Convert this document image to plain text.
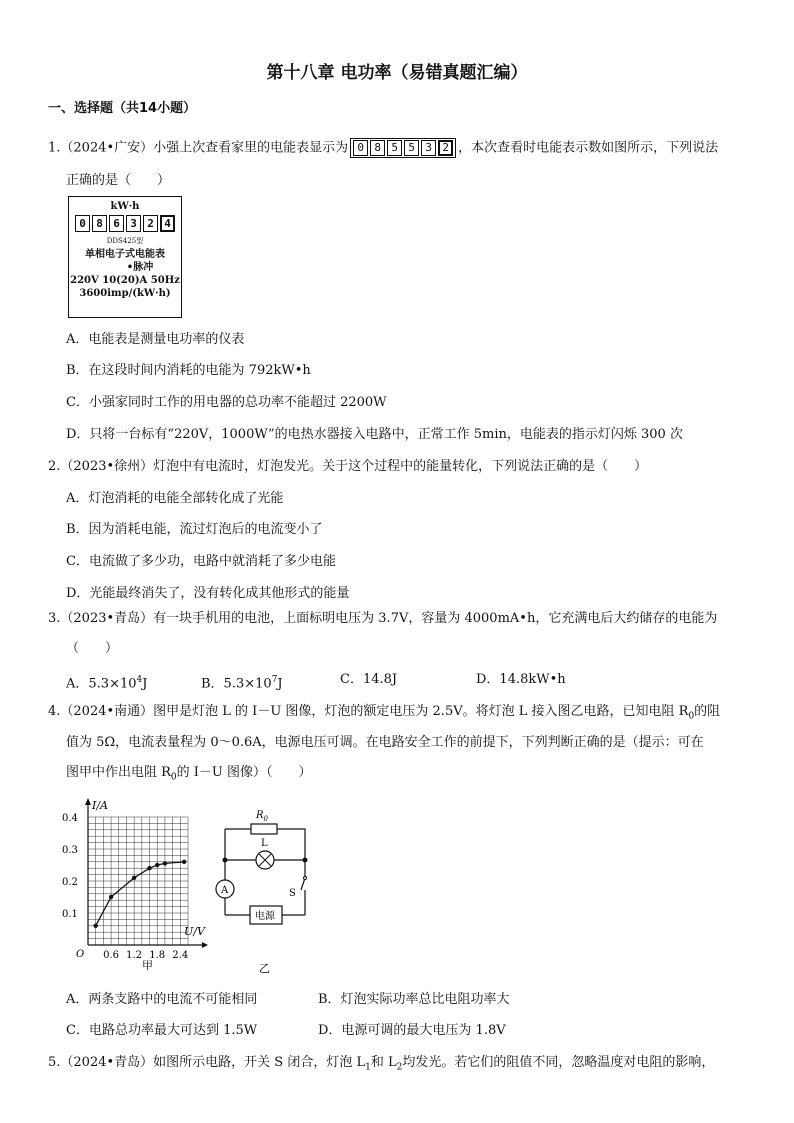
第十八章 电功率（易错真题汇编）
一、选择题（共14小题）
1.（2024•广安）小强上次查看家里的电能表显示为 0 8 5 5 3 2 ，本次查看时电能表示数如图所示，下列说法
正确的是（　　）
kW·h
0 8 6 3 2 4
DDS425型
单相电子式电能表
•脉冲
220V 10(20)A 50Hz
3600imp/(kW·h)
A．电能表是测量电功率的仪表
B．在这段时间内消耗的电能为 792kW•h
C．小强家同时工作的用电器的总功率不能超过 2200W
D．只将一台标有“220V，1000W”的电热水器接入电路中，正常工作 5min，电能表的指示灯闪烁 300 次
2.（2023•徐州）灯泡中有电流时，灯泡发光。关于这个过程中的能量转化，下列说法正确的是（　　）
A．灯泡消耗的电能全部转化成了光能
B．因为消耗电能，流过灯泡后的电流变小了
C．电流做了多少功，电路中就消耗了多少电能
D．光能最终消失了，没有转化成其他形式的能量
3.（2023•青岛）有一块手机用的电池，上面标明电压为 3.7V，容量为 4000mA•h，它充满电后大约储存的电能为
（　　）
A．$5.3\times 10^4J$	B．$5.3\times 10^7J$	C．14.8J	D．14.8kW•h
4.（2024•南通）图甲是灯泡 L 的 I－U 图像，灯泡的额定电压为 2.5V。将灯泡 L 接入图乙电路，已知电阻 $R_0$的阻
值为 5Ω，电流表量程为 0～0.6A，电源电压可调。在电路安全工作的前提下，下列判断正确的是（提示：可在
图甲中作出电阻 $R_0$的 I－U 图像）（　　）
I/A
U/V
O 0.6 1.2 1.8 2.4
0.1
0.2
0.3
0.4
甲
$R_0$
L
A	S
电源
乙
A．两条支路中的电流不可能相同	B．灯泡实际功率总比电阻功率大
C．电路总功率最大可达到 1.5W	D．电源可调的最大电压为 1.8V
5.（2024•青岛）如图所示电路，开关 S 闭合，灯泡 $L_1$和 $L_2$均发光。若它们的阻值不同，忽略温度对电阻的影响，
